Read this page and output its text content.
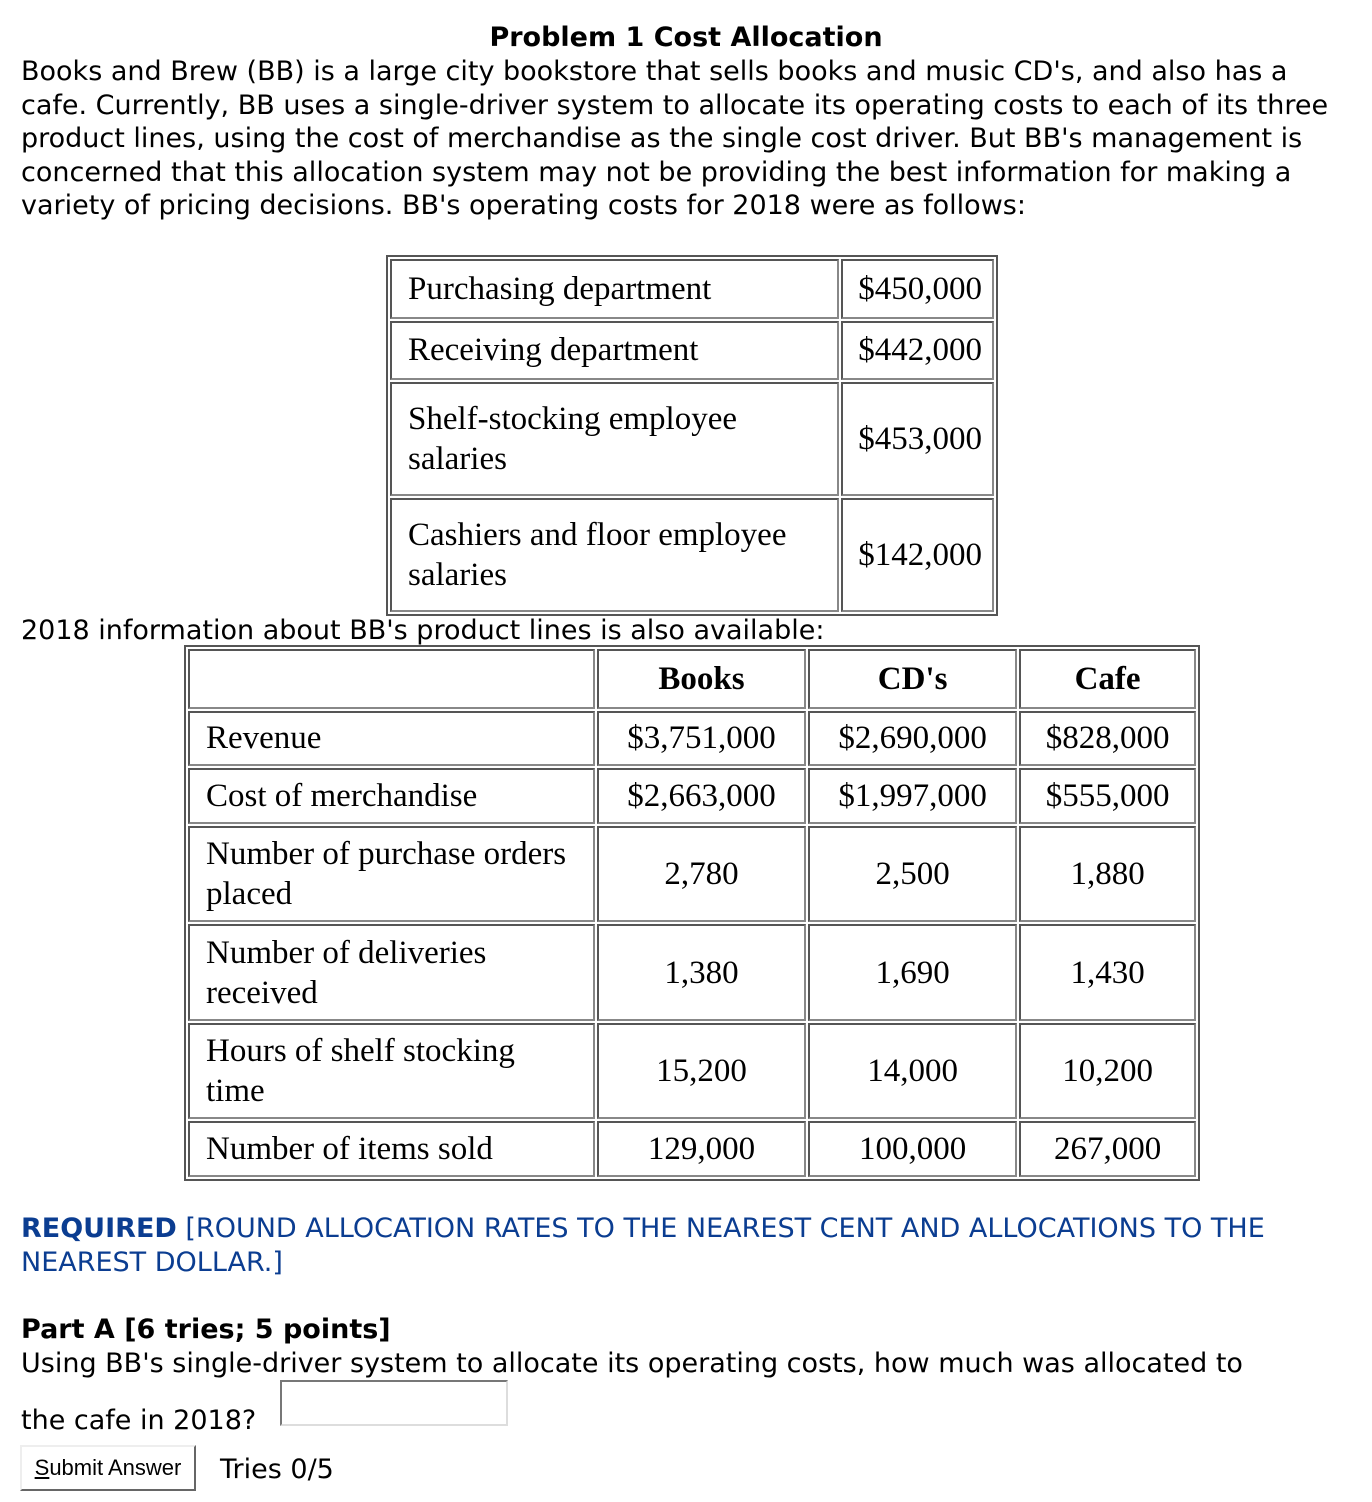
Problem 1 Cost Allocation
Books and Brew (BB) is a large city bookstore that sells books and music CD's, and also has a cafe. Currently, BB uses a single-driver system to allocate its operating costs to each of its three product lines, using the cost of merchandise as the single cost driver. But BB's management is concerned that this allocation system may not be providing the best information for making a variety of pricing decisions. BB's operating costs for 2018 were as follows:
Purchasing department	$450,000
Receiving department	$442,000
Shelf-stocking employee salaries	$453,000
Cashiers and floor employee salaries	$142,000
2018 information about BB's product lines is also available:
	Books	CD's	Cafe
Revenue	$3,751,000	$2,690,000	$828,000
Cost of merchandise	$2,663,000	$1,997,000	$555,000
Number of purchase orders placed	2,780	2,500	1,880
Number of deliveries received	1,380	1,690	1,430
Hours of shelf stocking time	15,200	14,000	10,200
Number of items sold	129,000	100,000	267,000
REQUIRED [ROUND ALLOCATION RATES TO THE NEAREST CENT AND ALLOCATIONS TO THE NEAREST DOLLAR.]
Part A [6 tries; 5 points]
Using BB's single-driver system to allocate its operating costs, how much was allocated to
the cafe in 2018?
Submit Answer	Tries 0/5
